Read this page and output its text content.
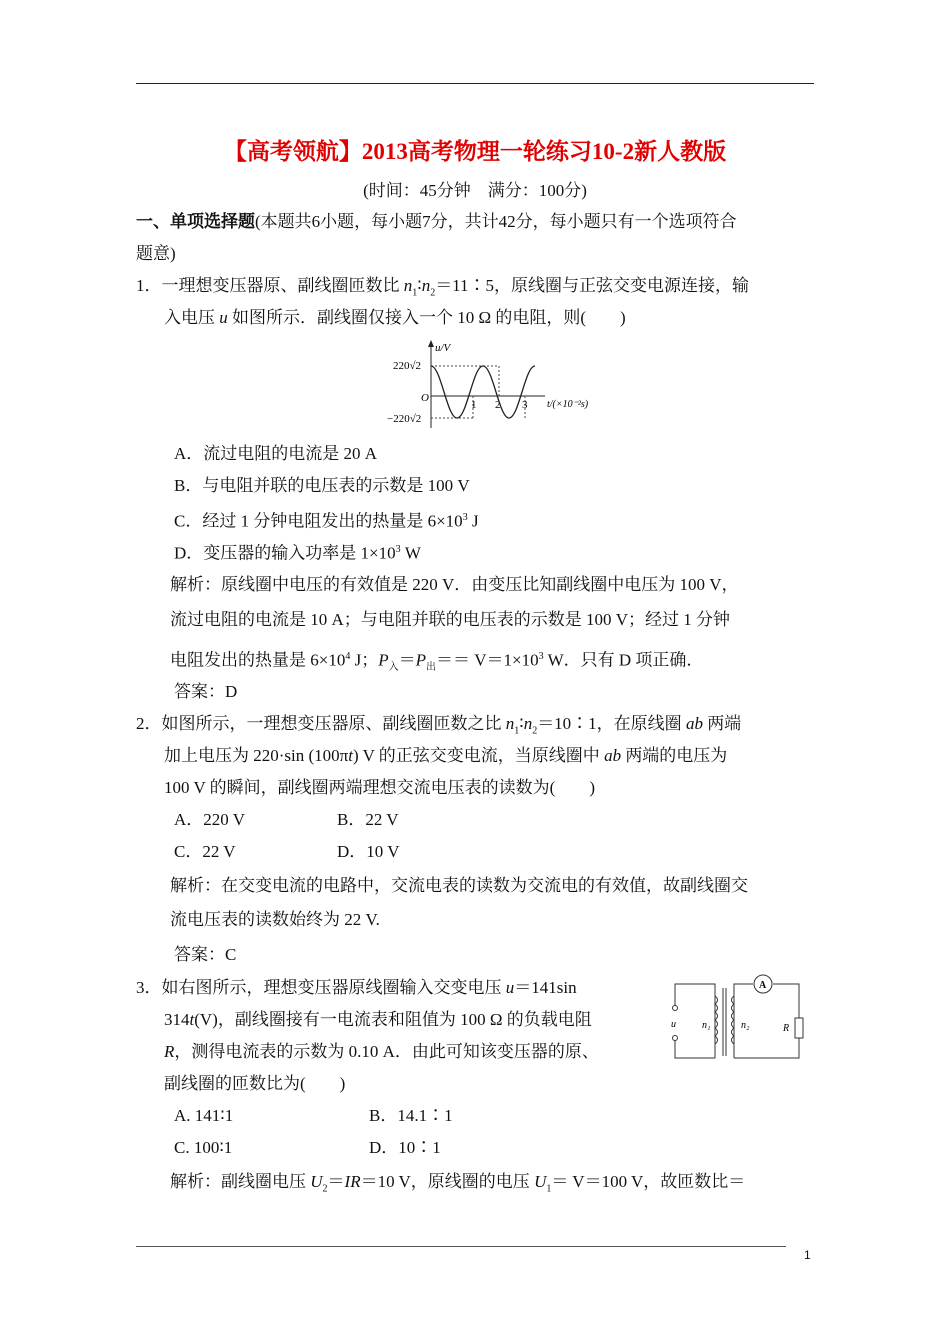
【高考领航】2013高考物理一轮练习10-2新人教版
(时间：45分钟　满分：100分)
一、单项选择题(本题共6小题，每小题7分，共计42分，每小题只有一个选项符合
题意)
1．一理想变压器原、副线圈匝数比 $n_1∶n_2=11∶5$，原线圈与正弦交变电源连接，输
入电压 u 如图所示．副线圈仅接入一个 10 Ω 的电阻，则(　　)
u/V
220√2
−220√2
O
t/(×10⁻²s)
1 2 3
A．流过电阻的电流是 20 A
B．与电阻并联的电压表的示数是 100 V
C．经过 1 分钟电阻发出的热量是 $6\times 10^3$ J
D．变压器的输入功率是 $1\times 10^3$ W
解析：原线圈中电压的有效值是 220 V．由变压比知副线圈中电压为 100 V，
流过电阻的电流是 10 A；与电阻并联的电压表的示数是 100 V；经过 1 分钟
电阻发出的热量是 $6\times 10^4$ J；$P_入=P_出== V=1\times 10^3$ W．只有 D 项正确．
答案：D
2．如图所示，一理想变压器原、副线圈匝数之比 $n_1∶n_2=10∶1$，在原线圈 ab 两端
加上电压为 220·sin (100πt) V 的正弦交变电流，当原线圈中 ab 两端的电压为
100 V 的瞬间，副线圈两端理想交流电压表的读数为(　　)
A．220 V	B．22 V
C．22 V	D．10 V
解析：在交变电流的电路中，交流电表的读数为交流电的有效值，故副线圈交
流电压表的读数始终为 22 V.
答案：C
3．如右图所示，理想变压器原线圈输入交变电压 u＝141sin
314t(V)，副线圈接有一电流表和阻值为 100 Ω 的负载电阻
R，测得电流表的示数为 0.10 A．由此可知该变压器的原、
副线圈的匝数比为(　　)
u	n₁	n₂
A
R
A. 141∶1	B．14.1∶1
C. 100∶1	D．10∶1
解析：副线圈电压 $U_2=IR=10$ V，原线圈的电压 $U_1= V=100$ V，故匝数比＝
1
